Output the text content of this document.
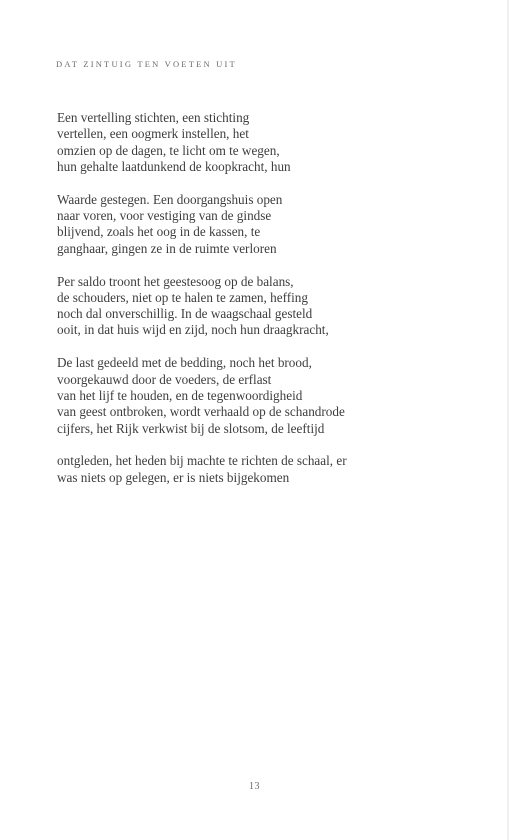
DAT ZINTUIG TEN VOETEN UIT
Een vertelling stichten, een stichting
vertellen, een oogmerk instellen, het
omzien op de dagen, te licht om te wegen,
hun gehalte laatdunkend de koopkracht, hun
Waarde gestegen. Een doorgangshuis open
naar voren, voor vestiging van de gindse
blijvend, zoals het oog in de kassen, te
ganghaar, gingen ze in de ruimte verloren
Per saldo troont het geestesoog op de balans,
de schouders, niet op te halen te zamen, heffing
noch dal onverschillig. In de waagschaal gesteld
ooit, in dat huis wijd en zijd, noch hun draagkracht,
De last gedeeld met de bedding, noch het brood,
voorgekauwd door de voeders, de erflast
van het lijf te houden, en de tegenwoordigheid
van geest ontbroken, wordt verhaald op de schandrode
cijfers, het Rijk verkwist bij de slotsom, de leeftijd
ontgleden, het heden bij machte te richten de schaal, er
was niets op gelegen, er is niets bijgekomen
13
